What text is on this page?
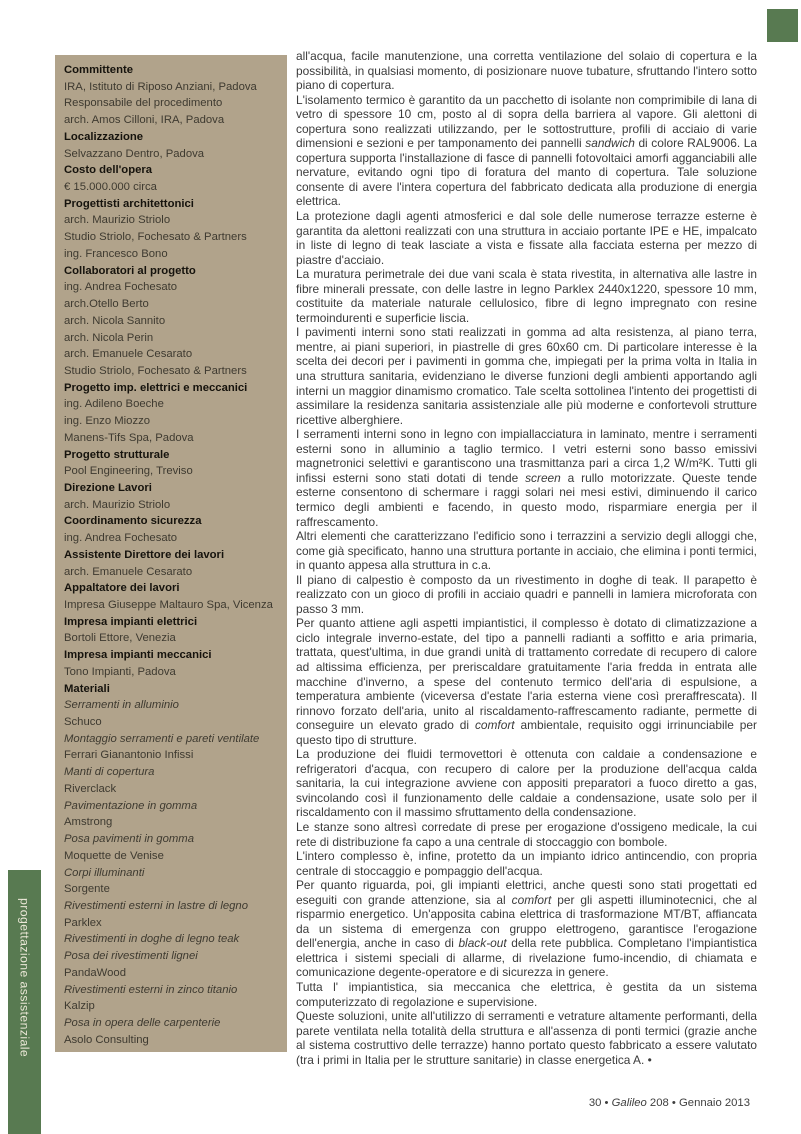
Committente
IRA, Istituto di Riposo Anziani, Padova
Responsabile del procedimento
arch. Amos Cilloni, IRA, Padova
Localizzazione
Selvazzano Dentro, Padova
Costo dell'opera
€ 15.000.000 circa
Progettisti architettonici
arch. Maurizio Striolo
Studio Striolo, Fochesato & Partners
ing. Francesco Bono
Collaboratori al progetto
ing. Andrea Fochesato
arch.Otello Berto
arch. Nicola Sannito
arch. Nicola Perin
arch. Emanuele Cesarato
Studio Striolo, Fochesato & Partners
Progetto imp. elettrici e meccanici
ing. Adileno Boeche
ing. Enzo Miozzo
Manens-Tifs Spa, Padova
Progetto strutturale
Pool Engineering, Treviso
Direzione Lavori
arch. Maurizio Striolo
Coordinamento sicurezza
ing. Andrea Fochesato
Assistente Direttore dei lavori
arch. Emanuele Cesarato
Appaltatore dei lavori
Impresa Giuseppe Maltauro Spa, Vicenza
Impresa impianti elettrici
Bortoli Ettore, Venezia
Impresa impianti meccanici
Tono Impianti, Padova
Materiali
Serramenti in alluminio
Schuco
Montaggio serramenti e pareti ventilate
Ferrari Gianantonio Infissi
Manti di copertura
Riverclack
Pavimentazione in gomma
Amstrong
Posa pavimenti in gomma
Moquette de Venise
Corpi illuminanti
Sorgente
Rivestimenti esterni in lastre di legno
Parklex
Rivestimenti in doghe di legno teak
Posa dei rivestimenti lignei
PandaWood
Rivestimenti esterni in zinco titanio
Kalzip
Posa in opera delle carpenterie
Asolo Consulting

all'acqua, facile manutenzione, una corretta ventilazione del solaio di copertura e la possibilità, in qualsiasi momento, di posizionare nuove tubature, sfruttando l'intero sotto piano di copertura.

L'isolamento termico è garantito da un pacchetto di isolante non comprimibile di lana di vetro di spessore 10 cm, posto al di sopra della barriera al vapore. Gli alettoni di copertura sono realizzati utilizzando, per le sottostrutture, profili di acciaio di varie dimensioni e sezioni e per tamponamento dei pannelli sandwich di colore RAL9006. La copertura supporta l'installazione di fasce di pannelli fotovoltaici amorfi agganciabili alle nervature, evitando ogni tipo di foratura del manto di copertura. Tale soluzione consente di avere l'intera copertura del fabbricato dedicata alla produzione di energia elettrica.

La protezione dagli agenti atmosferici e dal sole delle numerose terrazze esterne è garantita da alettoni realizzati con una struttura in acciaio portante IPE e HE, impalcato in liste di legno di teak lasciate a vista e fissate alla facciata esterna per mezzo di piastre d'acciaio.

La muratura perimetrale dei due vani scala è stata rivestita, in alternativa alle lastre in fibre minerali pressate, con delle lastre in legno Parklex 2440x1220, spessore 10 mm, costituite da materiale naturale cellulosico, fibre di legno impregnato con resine termoindurenti e superficie liscia.

I pavimenti interni sono stati realizzati in gomma ad alta resistenza, al piano terra, mentre, ai piani superiori, in piastrelle di gres 60x60 cm. Di particolare interesse è la scelta dei decori per i pavimenti in gomma che, impiegati per la prima volta in Italia in una struttura sanitaria, evidenziano le diverse funzioni degli ambienti apportando agli interni un maggior dinamismo cromatico. Tale scelta sottolinea l'intento dei progettisti di assimilare la residenza sanitaria assistenziale alle più moderne e confortevoli strutture ricettive alberghiere.

I serramenti interni sono in legno con impiallacciatura in laminato, mentre i serramenti esterni sono in alluminio a taglio termico. I vetri esterni sono basso emissivi magnetronici selettivi e garantiscono una trasmittanza pari a circa 1,2 W/m²K. Tutti gli infissi esterni sono stati dotati di tende screen a rullo motorizzate. Queste tende esterne consentono di schermare i raggi solari nei mesi estivi, diminuendo il carico termico degli ambienti e facendo, in questo modo, risparmiare energia per il raffrescamento.

Altri elementi che caratterizzano l'edificio sono i terrazzini a servizio degli alloggi che, come già specificato, hanno una struttura portante in acciaio, che elimina i ponti termici, in quanto appesa alla struttura in c.a.

Il piano di calpestio è composto da un rivestimento in doghe di teak. Il parapetto è realizzato con un gioco di profili in acciaio quadri e pannelli in lamiera microforata con passo 3 mm.

Per quanto attiene agli aspetti impiantistici, il complesso è dotato di climatizzazione a ciclo integrale inverno-estate, del tipo a pannelli radianti a soffitto e aria primaria, trattata, quest'ultima, in due grandi unità di trattamento corredate di recupero di calore ad altissima efficienza, per preriscaldare gratuitamente l'aria fredda in entrata alle macchine d'inverno, a spese del contenuto termico dell'aria di espulsione, a temperatura ambiente (viceversa d'estate l'aria esterna viene così preraffrescata). Il rinnovo forzato dell'aria, unito al riscaldamento-raffrescamento radiante, permette di conseguire un elevato grado di comfort ambientale, requisito oggi irrinunciabile per questo tipo di strutture.

La produzione dei fluidi termovettori è ottenuta con caldaie a condensazione e refrigeratori d'acqua, con recupero di calore per la produzione dell'acqua calda sanitaria, la cui integrazione avviene con appositi preparatori a fuoco diretto a gas, svincolando così il funzionamento delle caldaie a condensazione, usate solo per il riscaldamento con il massimo sfruttamento della condensazione.

Le stanze sono altresì corredate di prese per erogazione d'ossigeno medicale, la cui rete di distribuzione fa capo a una centrale di stoccaggio con bombole.

L'intero complesso è, infine, protetto da un impianto idrico antincendio, con propria centrale di stoccaggio e pompaggio dell'acqua.

Per quanto riguarda, poi, gli impianti elettrici, anche questi sono stati progettati ed eseguiti con grande attenzione, sia al comfort per gli aspetti illuminotecnici, che al risparmio energetico. Un'apposita cabina elettrica di trasformazione MT/BT, affiancata da un sistema di emergenza con gruppo elettrogeno, garantisce l'erogazione dell'energia, anche in caso di black-out della rete pubblica. Completano l'impiantistica elettrica i sistemi speciali di allarme, di rivelazione fumo-incendio, di chiamata e comunicazione degente-operatore e di sicurezza in genere.

Tutta l' impiantistica, sia meccanica che elettrica, è gestita da un sistema computerizzato di regolazione e supervisione.

Queste soluzioni, unite all'utilizzo di serramenti e vetrature altamente performanti, della parete ventilata nella totalità della struttura e all'assenza di ponti termici (grazie anche al sistema costruttivo delle terrazze) hanno portato questo fabbricato a essere valutato (tra i primi in Italia per le strutture sanitarie) in classe energetica A. •

progettazione assistenziale
30 • Galileo 208 • Gennaio 2013
